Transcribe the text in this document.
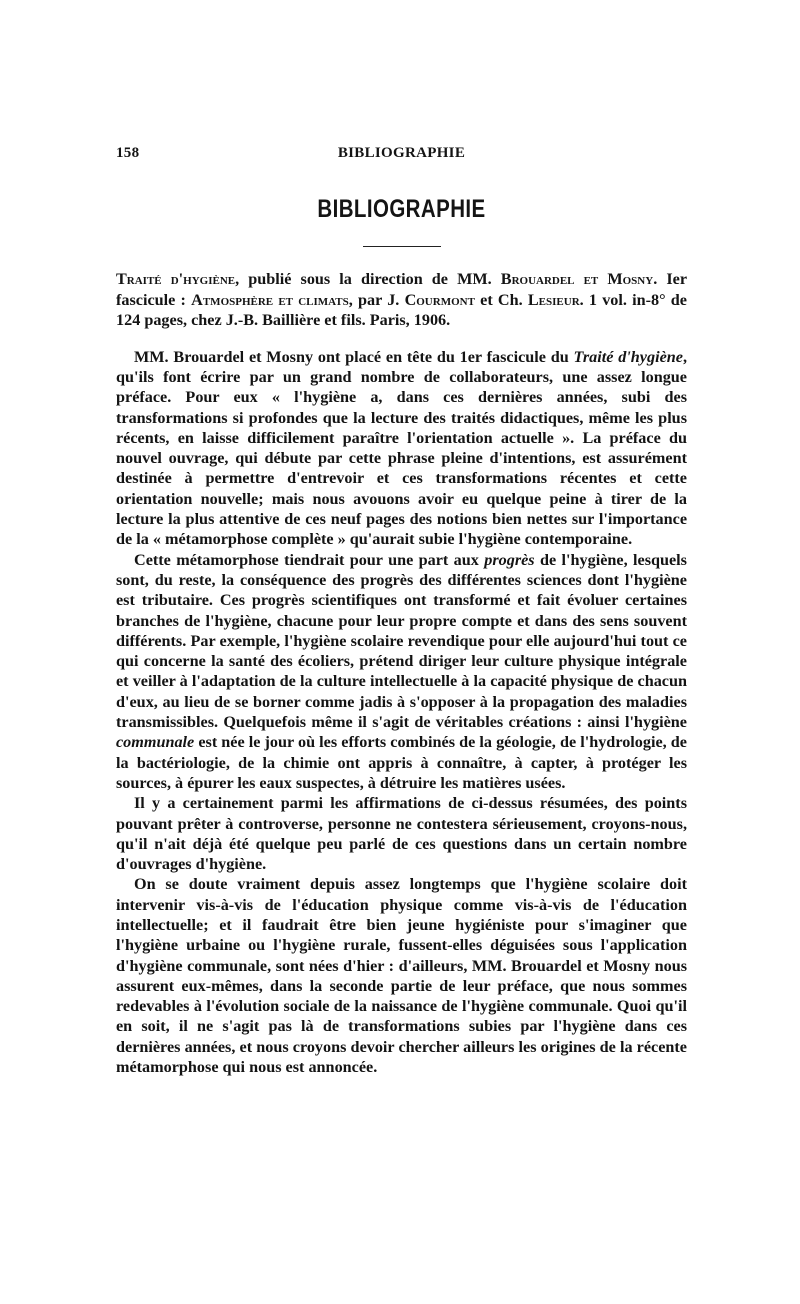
158	BIBLIOGRAPHIE
BIBLIOGRAPHIE

Traité d'hygiène, publié sous la direction de MM. Brouardel et Mosny. Ier fascicule : Atmosphère et climats, par J. Courmont et Ch. Lesieur. 1 vol. in-8° de 124 pages, chez J.-B. Baillière et fils. Paris, 1906.

MM. Brouardel et Mosny ont placé en tête du 1er fascicule du Traité d'hygiène, qu'ils font écrire par un grand nombre de collaborateurs, une assez longue préface. Pour eux « l'hygiène a, dans ces dernières années, subi des transformations si profondes que la lecture des traités didactiques, même les plus récents, en laisse difficilement paraître l'orientation actuelle ». La préface du nouvel ouvrage, qui débute par cette phrase pleine d'intentions, est assurément destinée à permettre d'entrevoir et ces transformations récentes et cette orientation nouvelle; mais nous avouons avoir eu quelque peine à tirer de la lecture la plus attentive de ces neuf pages des notions bien nettes sur l'importance de la « métamorphose complète » qu'aurait subie l'hygiène contemporaine.

Cette métamorphose tiendrait pour une part aux progrès de l'hygiène, lesquels sont, du reste, la conséquence des progrès des différentes sciences dont l'hygiène est tributaire. Ces progrès scientifiques ont transformé et fait évoluer certaines branches de l'hygiène, chacune pour leur propre compte et dans des sens souvent différents. Par exemple, l'hygiène scolaire revendique pour elle aujourd'hui tout ce qui concerne la santé des écoliers, prétend diriger leur culture physique intégrale et veiller à l'adaptation de la culture intellectuelle à la capacité physique de chacun d'eux, au lieu de se borner comme jadis à s'opposer à la propagation des maladies transmissibles. Quelquefois même il s'agit de véritables créations : ainsi l'hygiène communale est née le jour où les efforts combinés de la géologie, de l'hydrologie, de la bactériologie, de la chimie ont appris à connaître, à capter, à protéger les sources, à épurer les eaux suspectes, à détruire les matières usées.

Il y a certainement parmi les affirmations de ci-dessus résumées, des points pouvant prêter à controverse, personne ne contestera sérieusement, croyons-nous, qu'il n'ait déjà été quelque peu parlé de ces questions dans un certain nombre d'ouvrages d'hygiène.

On se doute vraiment depuis assez longtemps que l'hygiène scolaire doit intervenir vis-à-vis de l'éducation physique comme vis-à-vis de l'éducation intellectuelle; et il faudrait être bien jeune hygiéniste pour s'imaginer que l'hygiène urbaine ou l'hygiène rurale, fussent-elles déguisées sous l'application d'hygiène communale, sont nées d'hier : d'ailleurs, MM. Brouardel et Mosny nous assurent eux-mêmes, dans la seconde partie de leur préface, que nous sommes redevables à l'évolution sociale de la naissance de l'hygiène communale. Quoi qu'il en soit, il ne s'agit pas là de transformations subies par l'hygiène dans ces dernières années, et nous croyons devoir chercher ailleurs les origines de la récente métamorphose qui nous est annoncée.
